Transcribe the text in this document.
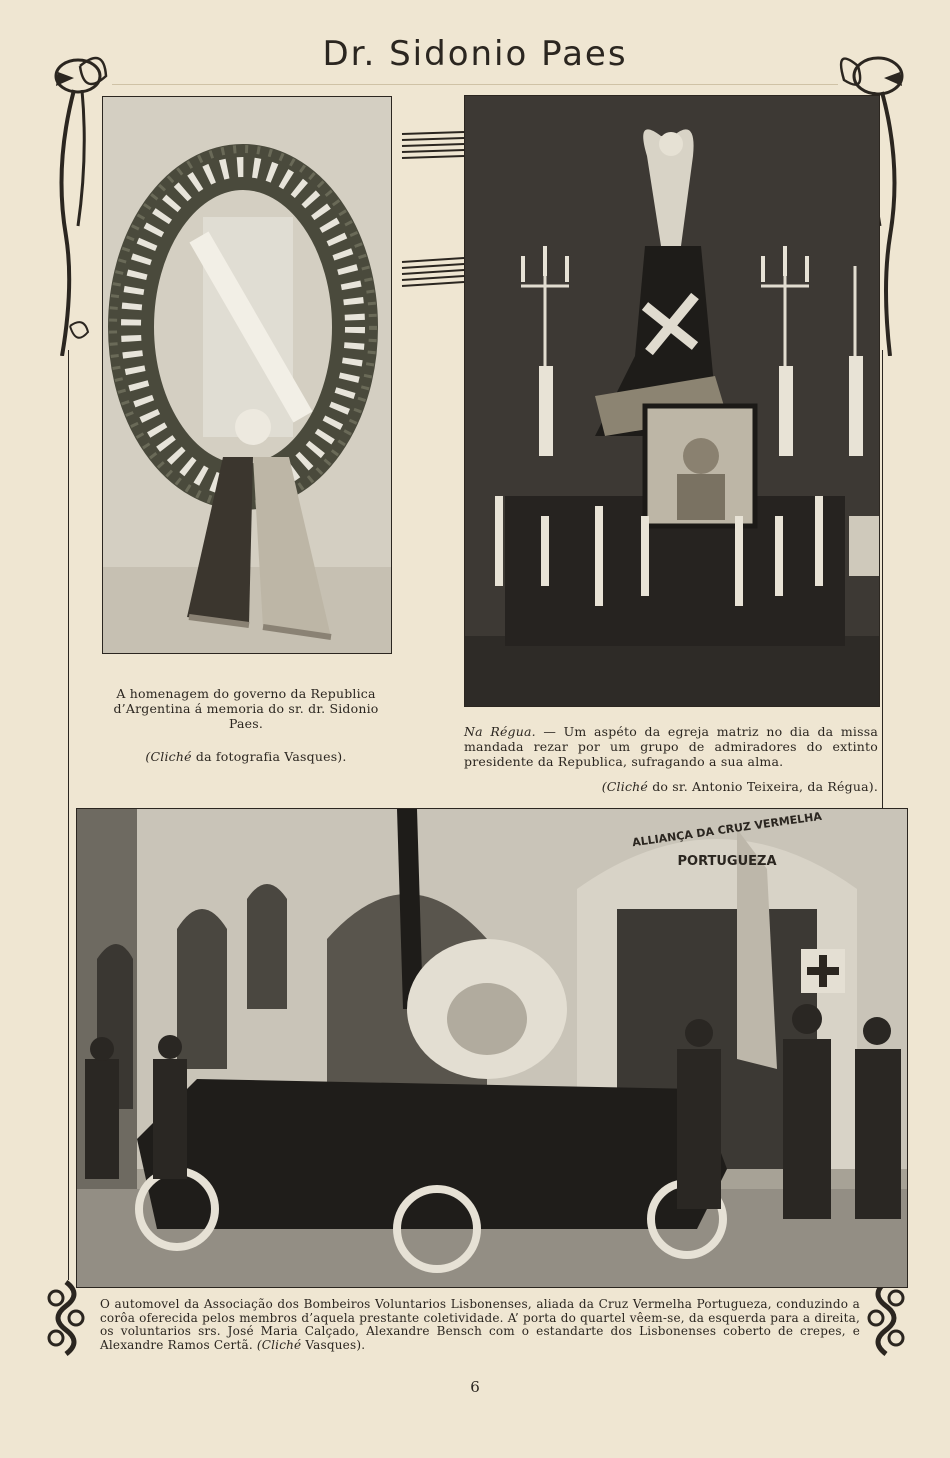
Dr. Sidonio Paes
A homenagem do governo da Republica
d’Argentina á memoria do sr. dr. Sidonio
Paes.
(Cliché da fotografia Vasques).
Na Régua. — Um aspéto da egreja matriz no dia da missa mandada rezar por um grupo de admiradores do extinto presidente da Republica, sufragando a sua alma.
(Cliché do sr. Antonio Teixeira, da Régua).
ALLIANÇA DA CRUZ VERMELHA
PORTUGUEZA
O automovel da Associação dos Bombeiros Voluntarios Lisbonenses, aliada da Cruz Vermelha Portugueza, conduzindo a corôa oferecida pelos membros d’aquela prestante coletividade. A’ porta do quartel vêem-se, da esquerda para a direita, os voluntarios srs. José Maria Calçado, Alexandre Bensch com o estandarte dos Lisbonenses coberto de crepes, e Alexandre Ramos Certã. (Cliché Vasques).
6
